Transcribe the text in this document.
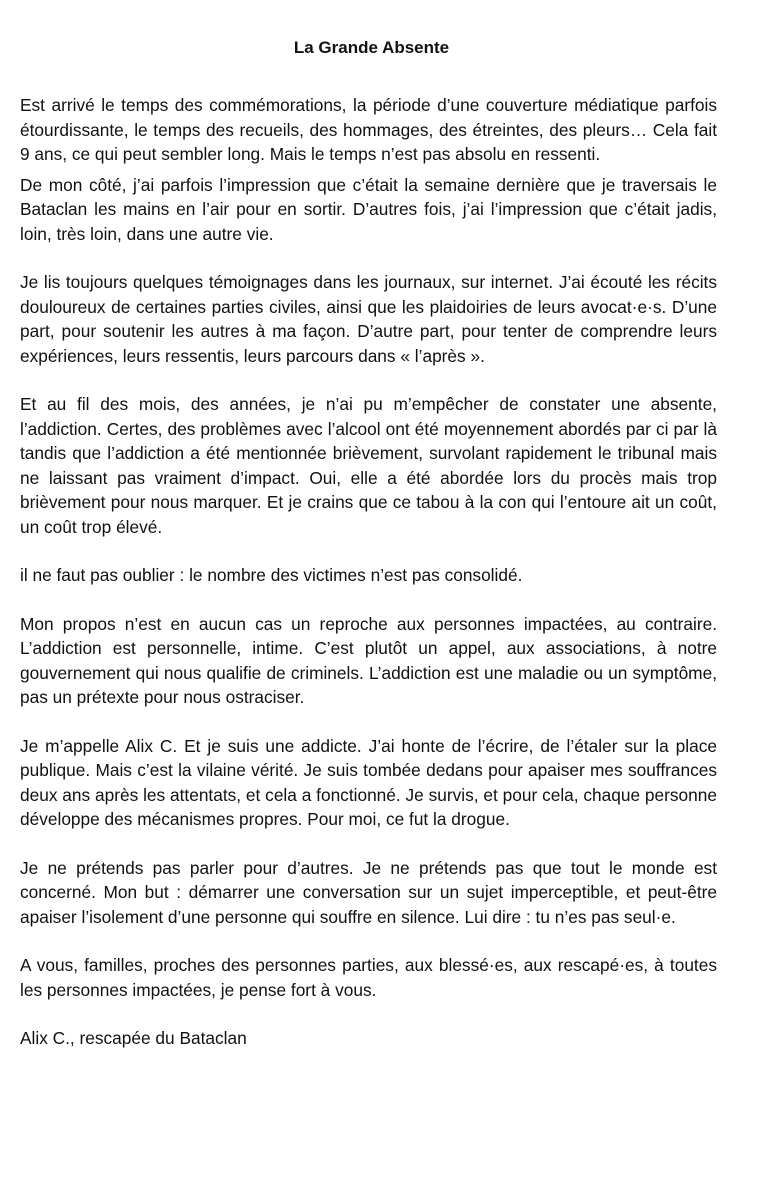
La Grande Absente

Est arrivé le temps des commémorations, la période d’une couverture médiatique parfois étourdissante, le temps des recueils, des hommages, des étreintes, des pleurs… Cela fait 9 ans, ce qui peut sembler long. Mais le temps n’est pas absolu en ressenti.

De mon côté, j’ai parfois l’impression que c’était la semaine dernière que je traversais le Bataclan les mains en l’air pour en sortir. D’autres fois, j’ai l’impression que c’était jadis, loin, très loin, dans une autre vie.

Je lis toujours quelques témoignages dans les journaux, sur internet. J’ai écouté les récits douloureux de certaines parties civiles, ainsi que les plaidoiries de leurs avocat·e·s. D’une part, pour soutenir les autres à ma façon. D’autre part, pour tenter de comprendre leurs expériences, leurs ressentis, leurs parcours dans « l’après ».

Et au fil des mois, des années, je n’ai pu m’empêcher de constater une absente, l’addiction. Certes, des problèmes avec l’alcool ont été moyennement abordés par ci par là tandis que l’addiction a été mentionnée brièvement, survolant rapidement le tribunal mais ne laissant pas vraiment d’impact. Oui, elle a été abordée lors du procès mais trop brièvement pour nous marquer. Et je crains que ce tabou à la con qui l’entoure ait un coût, un coût trop élevé.

il ne faut pas oublier : le nombre des victimes n’est pas consolidé.

Mon propos n’est en aucun cas un reproche aux personnes impactées, au contraire. L’addiction est personnelle, intime. C’est plutôt un appel, aux associations, à notre gouvernement qui nous qualifie de criminels. L’addiction est une maladie ou un symptôme, pas un prétexte pour nous ostraciser.

Je m’appelle Alix C. Et je suis une addicte. J’ai honte de l’écrire, de l’étaler sur la place publique. Mais c’est la vilaine vérité. Je suis tombée dedans pour apaiser mes souffrances deux ans après les attentats, et cela a fonctionné. Je survis, et pour cela, chaque personne développe des mécanismes propres. Pour moi, ce fut la drogue.

Je ne prétends pas parler pour d’autres. Je ne prétends pas que tout le monde est concerné. Mon but : démarrer une conversation sur un sujet imperceptible, et peut-être apaiser l’isolement d’une personne qui souffre en silence. Lui dire : tu n’es pas seul·e.

A vous, familles, proches des personnes parties, aux blessé·es, aux rescapé·es, à toutes les personnes impactées, je pense fort à vous.

Alix C., rescapée du Bataclan
